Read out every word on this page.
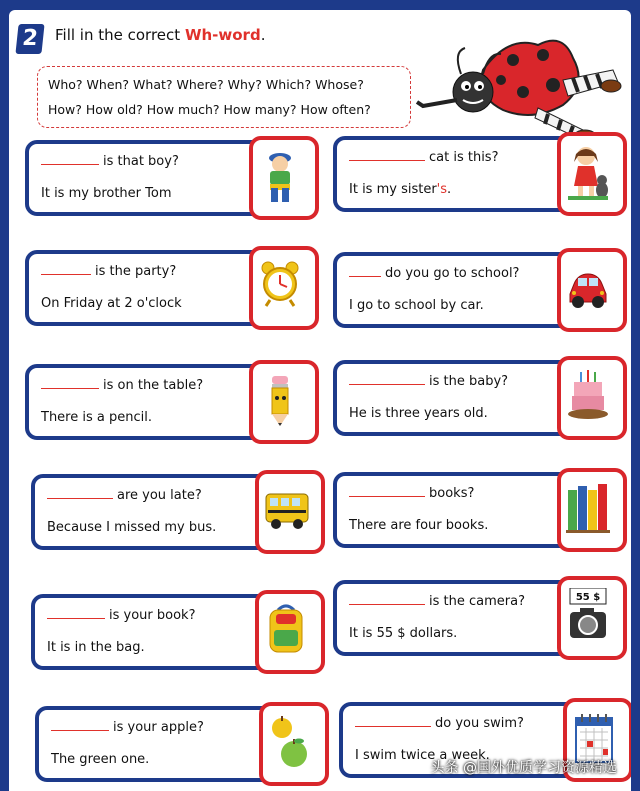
2	Fill in the correct Wh-word.
Who? When? What? Where? Why? Which? Whose?
How? How old? How much? How many? How often?
is that boy?
It is my brother Tom
cat is this?
It is my sister's.
is the party?
On Friday at 2 o'clock
do you go to school?
I go to school by car.
is on the table?
There is a pencil.
is the baby?
He is three years old.
are you late?
Because I missed my bus.
books?
There are four books.
is your book?
It is in the bag.
is the camera?
It is 55 $ dollars.
55 $
is your apple?
The green one.
do you swim?
I swim twice a week.
头条 @国外优质学习资源精选
